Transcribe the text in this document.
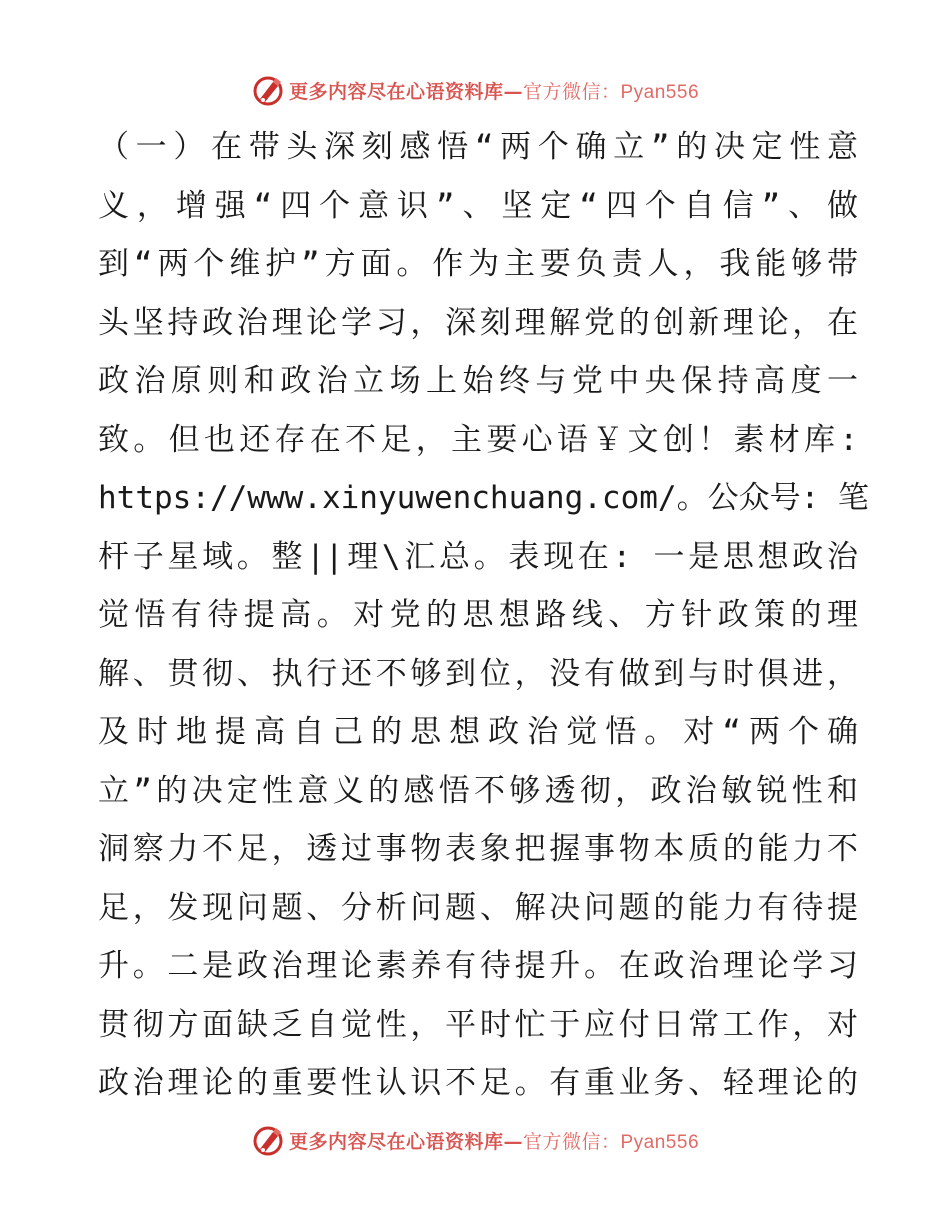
更多内容尽在心语资料库—官方微信：Pyan556
（一）在带头深刻感悟“两个确立”的决定性意
义，增强“四个意识”、坚定“四个自信”、做
到“两个维护”方面。作为主要负责人，我能够带
头坚持政治理论学习，深刻理解党的创新理论，在
政治原则和政治立场上始终与党中央保持高度一
致。但也还存在不足，主要心语￥文创！素材库:
https://www.xinyuwenchuang.com/。公众号: 笔
杆子星域。整||理\汇总。表现在: 一是思想政治
觉悟有待提高。对党的思想路线、方针政策的理
解、贯彻、执行还不够到位，没有做到与时俱进，
及时地提高自己的思想政治觉悟。对“两个确
立”的决定性意义的感悟不够透彻，政治敏锐性和
洞察力不足，透过事物表象把握事物本质的能力不
足，发现问题、分析问题、解决问题的能力有待提
升。二是政治理论素养有待提升。在政治理论学习
贯彻方面缺乏自觉性，平时忙于应付日常工作，对
政治理论的重要性认识不足。有重业务、轻理论的
更多内容尽在心语资料库—官方微信：Pyan556
